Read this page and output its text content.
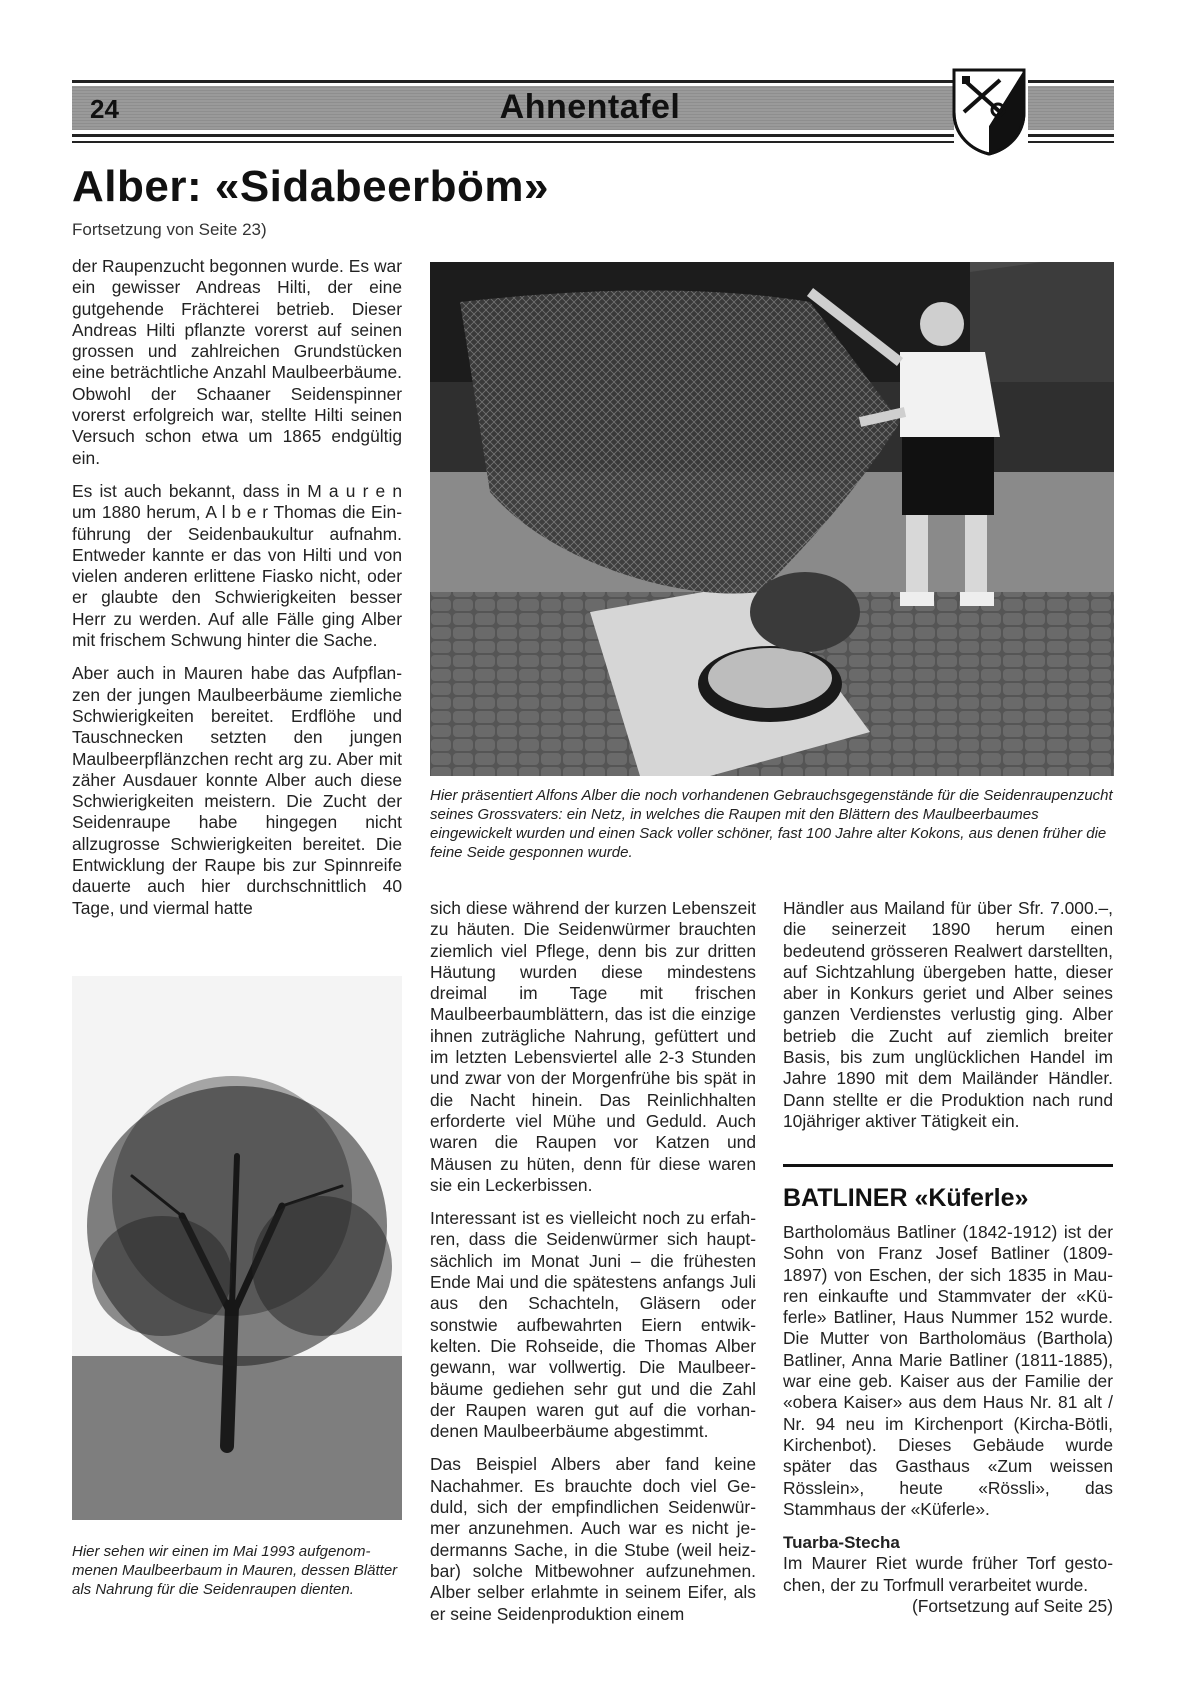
24	Ahnentafel
Alber: «Sidabeerböm»
Fortsetzung von Seite 23)

der Raupenzucht begonnen wurde. Es war ein gewisser Andreas Hilti, der eine gutgehende Frächterei betrieb. Dieser Andreas Hilti pflanzte vorerst auf seinen grossen und zahlreichen Grundstücken eine beträchtliche Anzahl Maulbeerbäume. Obwohl der Schaaner Seidenspinner vorerst erfolgreich war, stellte Hilti seinen Versuch schon etwa um 1865 endgültig ein.

Es ist auch bekannt, dass in M a u r e n um 1880 herum, A l b e r Thomas die Einführung der Seidenbaukultur aufnahm. Entweder kannte er das von Hilti und von vielen anderen erlittene Fiasko nicht, oder er glaubte den Schwierigkeiten besser Herr zu werden. Auf alle Fälle ging Alber mit frischem Schwung hinter die Sache.

Aber auch in Mauren habe das Aufpflanzen der jungen Maulbeerbäume ziemliche Schwierigkeiten bereitet. Erdflöhe und Tauschnecken setzten den jungen Maulbeerpflänzchen recht arg zu. Aber mit zäher Ausdauer konnte Alber auch diese Schwierigkeiten meistern. Die Zucht der Seidenraupe habe hingegen nicht allzugrosse Schwierigkeiten bereitet. Die Entwicklung der Raupe bis zur Spinnreife dauerte auch hier durchschnittlich 40 Tage, und viermal hatte

Hier präsentiert Alfons Alber die noch vorhandenen Gebrauchsgegenstände für die Seidenraupenzucht seines Grossvaters: ein Netz, in welches die Raupen mit den Blättern des Maulbeerbaumes eingewickelt wurden und einen Sack voller schöner, fast 100 Jahre alter Kokons, aus denen früher die feine Seide gesponnen wurde.
Hier sehen wir einen im Mai 1993 aufgenommenen Maulbeerbaum in Mauren, dessen Blätter als Nahrung für die Seidenraupen dienten.

sich diese während der kurzen Lebenszeit zu häuten. Die Seidenwürmer brauchten ziemlich viel Pflege, denn bis zur dritten Häutung wurden diese mindestens dreimal im Tage mit frischen Maulbeerbaumblättern, das ist die einzige ihnen zuträgliche Nahrung, gefüttert und im letzten Lebensviertel alle 2-3 Stunden und zwar von der Morgenfrühe bis spät in die Nacht hinein. Das Reinlichhalten erforderte viel Mühe und Geduld. Auch waren die Raupen vor Katzen und Mäusen zu hüten, denn für diese waren sie ein Leckerbissen.

Interessant ist es vielleicht noch zu erfahren, dass die Seidenwürmer sich hauptsächlich im Monat Juni – die frühesten Ende Mai und die spätestens anfangs Juli aus den Schachteln, Gläsern oder sonstwie aufbewahrten Eiern entwikkelten. Die Rohseide, die Thomas Alber gewann, war vollwertig. Die Maulbeerbäume gediehen sehr gut und die Zahl der Raupen waren gut auf die vorhandenen Maulbeerbäume abgestimmt.

Das Beispiel Albers aber fand keine Nachahmer. Es brauchte doch viel Geduld, sich der empfindlichen Seidenwürmer anzunehmen. Auch war es nicht jedermanns Sache, in die Stube (weil heizbar) solche Mitbewohner aufzunehmen. Alber selber erlahmte in seinem Eifer, als er seine Seidenproduktion einem

Händler aus Mailand für über Sfr. 7.000.–, die seinerzeit 1890 herum einen bedeutend grösseren Realwert darstellten, auf Sichtzahlung übergeben hatte, dieser aber in Konkurs geriet und Alber seines ganzen Verdienstes verlustig ging. Alber betrieb die Zucht auf ziemlich breiter Basis, bis zum unglücklichen Handel im Jahre 1890 mit dem Mailänder Händler. Dann stellte er die Produktion nach rund 10jähriger aktiver Tätigkeit ein.

BATLINER «Küferle»

Bartholomäus Batliner (1842-1912) ist der Sohn von Franz Josef Batliner (1809-1897) von Eschen, der sich 1835 in Mauren einkaufte und Stammvater der «Küferle» Batliner, Haus Nummer 152 wurde. Die Mutter von Bartholomäus (Barthola) Batliner, Anna Marie Batliner (1811-1885), war eine geb. Kaiser aus der Familie der «obera Kaiser» aus dem Haus Nr. 81 alt / Nr. 94 neu im Kirchenport (Kircha-Bötli, Kirchenbot). Dieses Gebäude wurde später das Gasthaus «Zum weissen Rösslein», heute «Rössli», das Stammhaus der «Küferle».

Tuarba-Stecha

Im Maurer Riet wurde früher Torf gestochen, der zu Torfmull verarbeitet wurde.

(Fortsetzung auf Seite 25)
